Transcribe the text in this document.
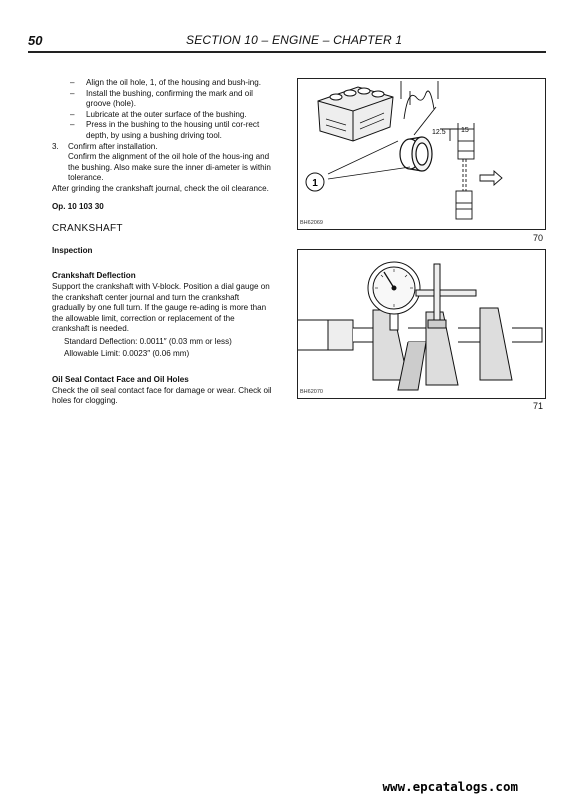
50	SECTION 10 – ENGINE – CHAPTER 1

– Align the oil hole, 1, of the housing and bush-ing.

– Install the bushing, confirming the mark and oil groove (hole).

– Lubricate at the outer surface of the bushing.

– Press in the bushing to the housing until cor-rect depth, by using a bushing driving tool.

3. Confirm after installation.

Confirm the alignment of the oil hole of the hous-ing and the bushing. Also make sure the inner di-ameter is within tolerance.

After grinding the crankshaft journal, check the oil clearance.

Op. 10 103 30

CRANKSHAFT

Inspection

Crankshaft Deflection

Support the crankshaft with V-block. Position a dial gauge on the crankshaft center journal and turn the crankshaft gradually by one full turn. If the gauge re-ading is more than the allowable limit, correction or replacement of the crankshaft is needed.

Standard Deflection: 0.0011″ (0.03 mm or less)

Allowable Limit: 0.0023″ (0.06 mm)

Oil Seal Contact Face and Oil Holes

Check the oil seal contact face for damage or wear. Check oil holes for clogging.

1
12.5 15
BH62069
70
BH62070
71
www.epcatalogs.com
